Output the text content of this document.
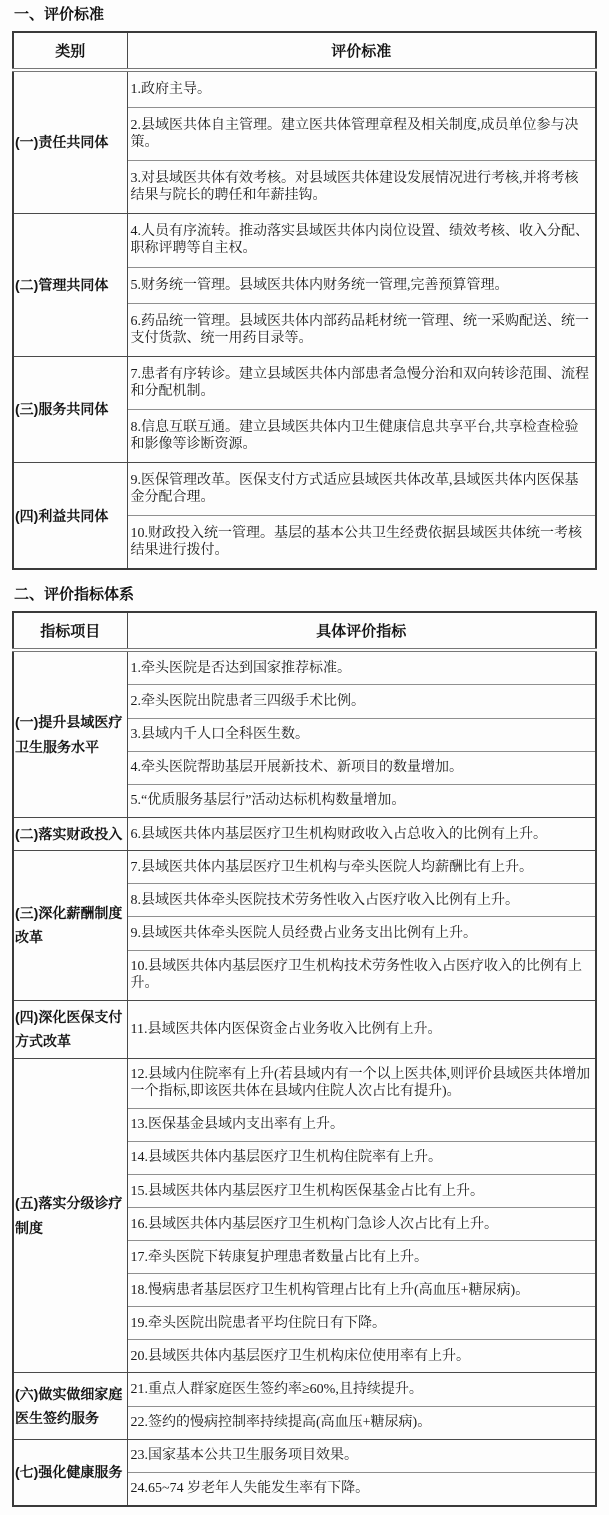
一、评价标准
类别	评价标准
(一)责任共同体	1.政府主导。
	2.县域医共体自主管理。建立医共体管理章程及相关制度,成员单位参与决策。
	3.对县域医共体有效考核。对县域医共体建设发展情况进行考核,并将考核结果与院长的聘任和年薪挂钩。
(二)管理共同体	4.人员有序流转。推动落实县域医共体内岗位设置、绩效考核、收入分配、职称评聘等自主权。
	5.财务统一管理。县域医共体内财务统一管理,完善预算管理。
	6.药品统一管理。县域医共体内部药品耗材统一管理、统一采购配送、统一支付货款、统一用药目录等。
(三)服务共同体	7.患者有序转诊。建立县域医共体内部患者急慢分治和双向转诊范围、流程和分配机制。
	8.信息互联互通。建立县域医共体内卫生健康信息共享平台,共享检查检验和影像等诊断资源。
(四)利益共同体	9.医保管理改革。医保支付方式适应县域医共体改革,县域医共体内医保基金分配合理。
	10.财政投入统一管理。基层的基本公共卫生经费依据县域医共体统一考核结果进行拨付。
二、评价指标体系
指标项目	具体评价指标
(一)提升县域医疗卫生服务水平	1.牵头医院是否达到国家推荐标准。
	2.牵头医院出院患者三四级手术比例。
	3.县域内千人口全科医生数。
	4.牵头医院帮助基层开展新技术、新项目的数量增加。
	5.“优质服务基层行”活动达标机构数量增加。
(二)落实财政投入	6.县域医共体内基层医疗卫生机构财政收入占总收入的比例有上升。
(三)深化薪酬制度改革	7.县域医共体内基层医疗卫生机构与牵头医院人均薪酬比有上升。
	8.县域医共体牵头医院技术劳务性收入占医疗收入比例有上升。
	9.县域医共体牵头医院人员经费占业务支出比例有上升。
	10.县域医共体内基层医疗卫生机构技术劳务性收入占医疗收入的比例有上升。
(四)深化医保支付方式改革	11.县域医共体内医保资金占业务收入比例有上升。
(五)落实分级诊疗制度	12.县域内住院率有上升(若县域内有一个以上医共体,则评价县域医共体增加一个指标,即该医共体在县域内住院人次占比有提升)。
	13.医保基金县域内支出率有上升。
	14.县域医共体内基层医疗卫生机构住院率有上升。
	15.县域医共体内基层医疗卫生机构医保基金占比有上升。
	16.县域医共体内基层医疗卫生机构门急诊人次占比有上升。
	17.牵头医院下转康复护理患者数量占比有上升。
	18.慢病患者基层医疗卫生机构管理占比有上升(高血压+糖尿病)。
	19.牵头医院出院患者平均住院日有下降。
	20.县域医共体内基层医疗卫生机构床位使用率有上升。
(六)做实做细家庭医生签约服务	21.重点人群家庭医生签约率≥60%,且持续提升。
	22.签约的慢病控制率持续提高(高血压+糖尿病)。
(七)强化健康服务	23.国家基本公共卫生服务项目效果。
	24.65~74 岁老年人失能发生率有下降。
